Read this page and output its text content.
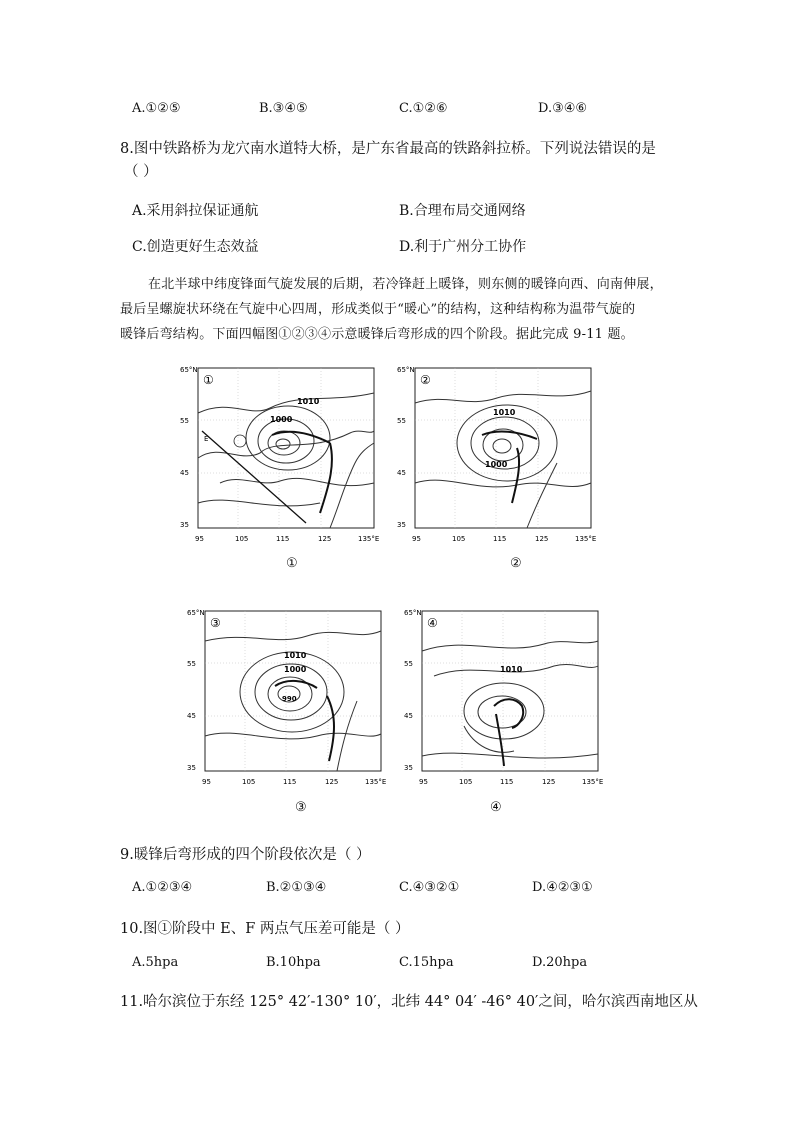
A.①②⑤	B.③④⑤	C.①②⑥	D.③④⑥
8.图中铁路桥为龙穴南水道特大桥，是广东省最高的铁路斜拉桥。下列说法错误的是
（ ）
A.采用斜拉保证通航	B.合理布局交通网络
C.创造更好生态效益	D.利于广州分工协作
在北半球中纬度锋面气旋发展的后期，若冷锋赶上暖锋，则东侧的暖锋向西、向南伸展，
最后呈螺旋状环绕在气旋中心四周，形成类似于“暖心”的结构，这种结构称为温带气旋的
暖锋后弯结构。下面四幅图①②③④示意暖锋后弯形成的四个阶段。据此完成 9-11 题。
65°N
55
45
35
95	105	115	125	135°E
1010
1000
E
①
①
65°N
55
45
35
95	105	115	125	135°E
1010
1000
②
②
65°N
55
45
35
95	105	115	125	135°E
1010
1000
990
③
③
65°N
55
45
35
95	105	115	125	135°E
1010
④
④
9.暖锋后弯形成的四个阶段依次是（ ）
A.①②③④	B.②①③④	C.④③②①	D.④②③①
10.图①阶段中 E、F 两点气压差可能是（ ）
A.5hpa	B.10hpa	C.15hpa	D.20hpa
11.哈尔滨位于东经 125° 42′-130° 10′，北纬 44° 04′ -46° 40′之间，哈尔滨西南地区从
